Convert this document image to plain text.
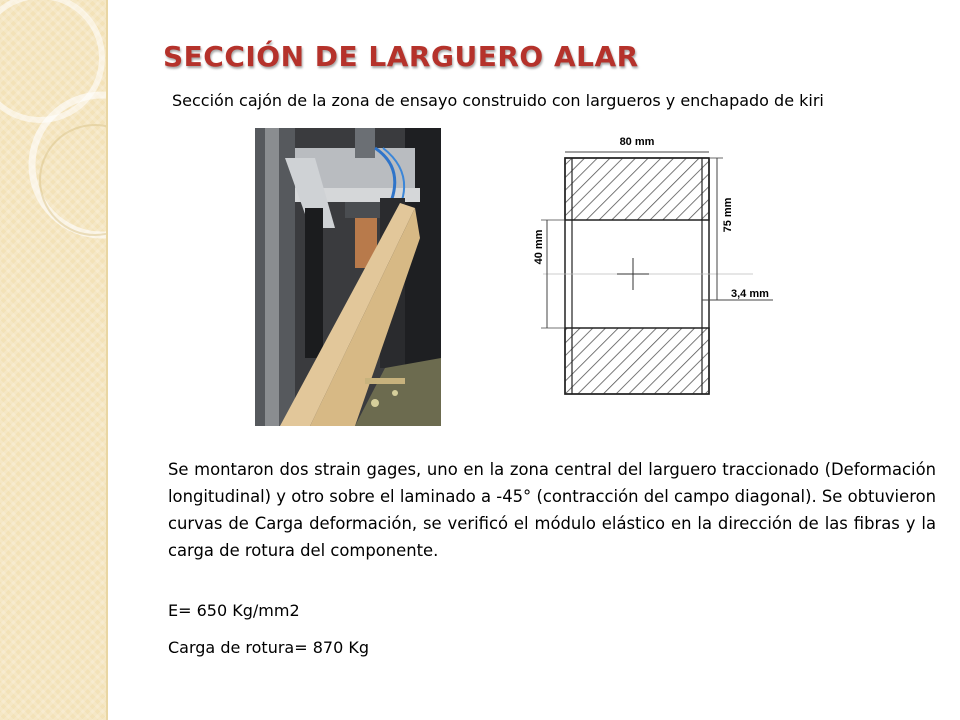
SECCIÓN DE LARGUERO ALAR
Sección cajón de la zona de ensayo construido con largueros y enchapado de kiri
80 mm
40 mm
75 mm
3,4 mm

Se montaron dos strain gages, uno en la zona central del larguero traccionado (Deformación longitudinal) y otro sobre el laminado a -45° (contracción del campo diagonal). Se obtuvieron curvas de Carga deformación, se verificó el módulo elástico en la dirección de las fibras y la carga de rotura del componente.

E= 650 Kg/mm2
Carga de rotura= 870 Kg
